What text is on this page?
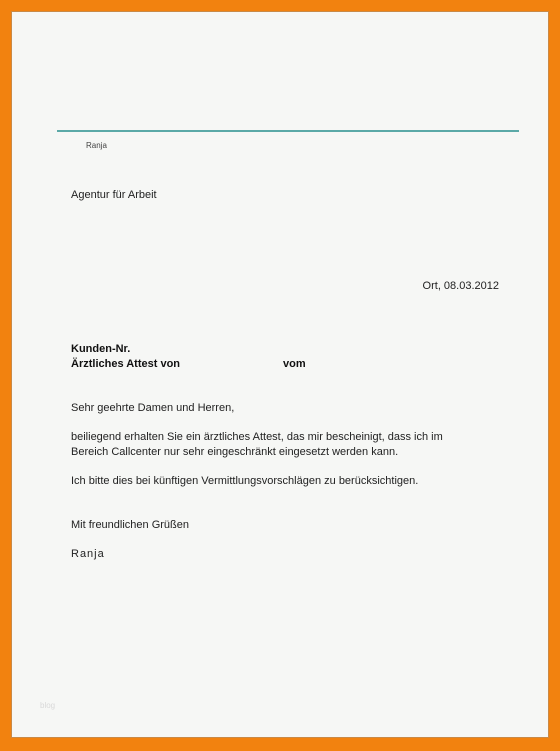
Ranja
Agentur für Arbeit
Ort, 08.03.2012
Kunden-Nr.
Ärztliches Attest von	vom
Sehr geehrte Damen und Herren,
beiliegend erhalten Sie ein ärztliches Attest, das mir bescheinigt, dass ich im
Bereich Callcenter nur sehr eingeschränkt eingesetzt werden kann.
Ich bitte dies bei künftigen Vermittlungsvorschlägen zu berücksichtigen.
Mit freundlichen Grüßen
Ranja
blog
